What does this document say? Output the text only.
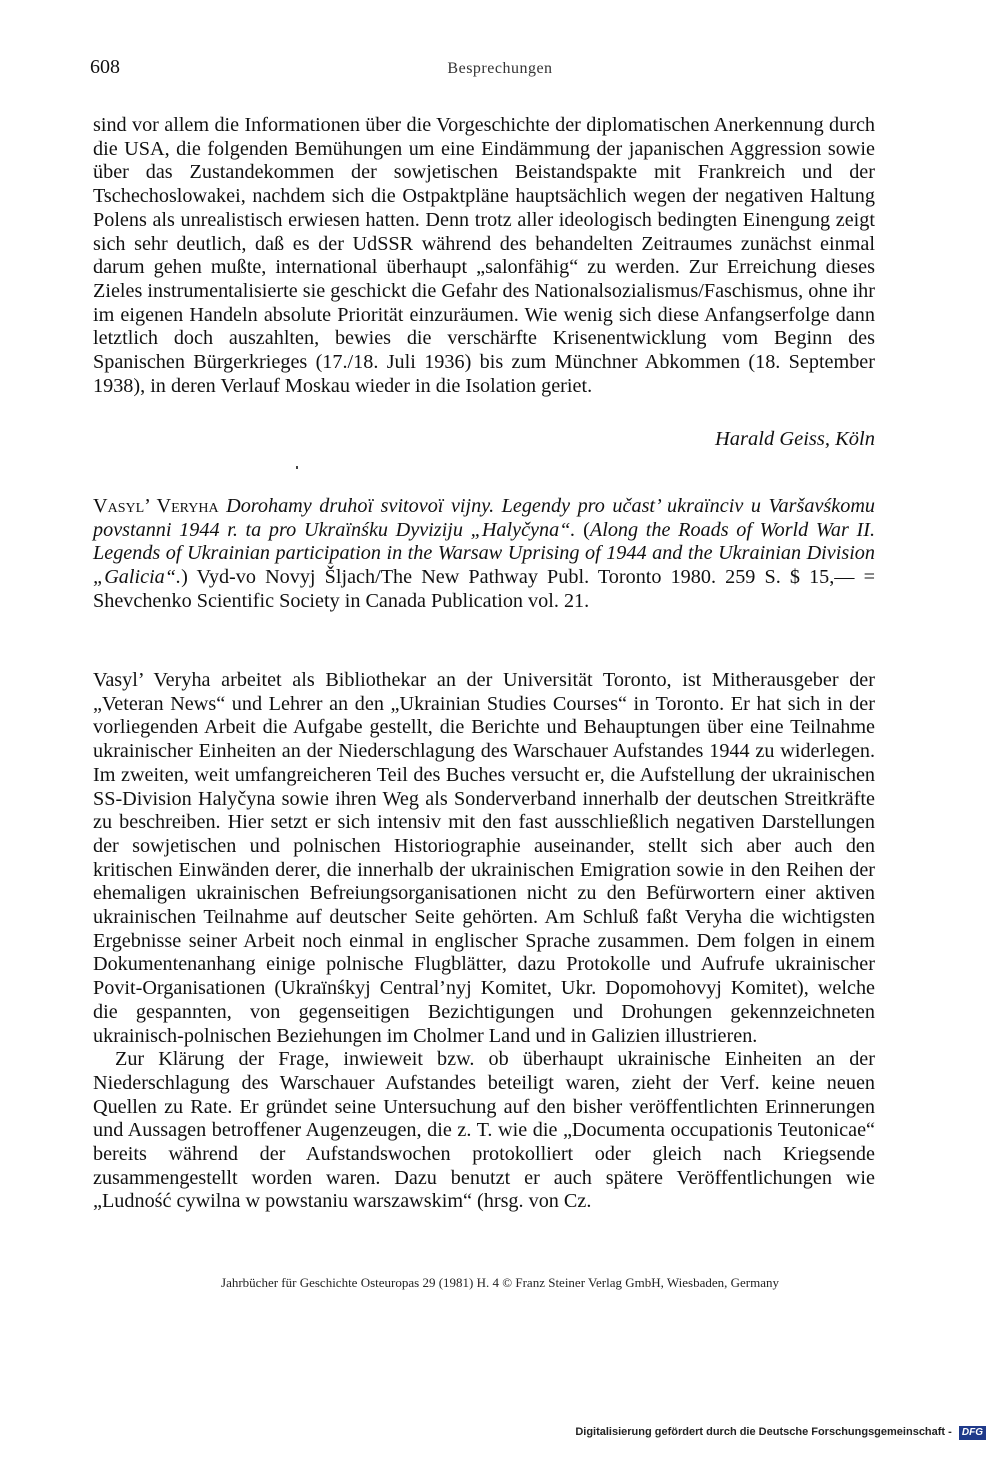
608	Besprechungen

sind vor allem die Informationen über die Vorgeschichte der diplomatischen Anerkennung durch die USA, die folgenden Bemühungen um eine Eindämmung der japanischen Aggression sowie über das Zustandekommen der sowjetischen Beistandspakte mit Frankreich und der Tschechoslowakei, nachdem sich die Ostpaktpläne hauptsächlich wegen der negativen Haltung Polens als unrealistisch erwiesen hatten. Denn trotz aller ideologisch bedingten Einengung zeigt sich sehr deutlich, daß es der UdSSR während des behandelten Zeitraumes zunächst einmal darum gehen mußte, international überhaupt „salonfähig“ zu werden. Zur Erreichung dieses Zieles instrumentalisierte sie geschickt die Gefahr des Nationalsozialismus/Faschismus, ohne ihr im eigenen Handeln absolute Priorität einzuräumen. Wie wenig sich diese Anfangserfolge dann letztlich doch auszahlten, bewies die verschärfte Krisenentwicklung vom Beginn des Spanischen Bürgerkrieges (17./18. Juli 1936) bis zum Münchner Abkommen (18. September 1938), in deren Verlauf Moskau wieder in die Isolation geriet.

Harald Geiss, Köln
Vasyl’ Veryha Dorohamy druhoï svitovoï vijny. Legendy pro učast’ ukraïnciv u Varšavśkomu povstanni 1944 r. ta pro Ukraïnśku Dyviziju „Halyčyna“. (Along the Roads of World War II. Legends of Ukrainian participation in the Warsaw Uprising of 1944 and the Ukrainian Division „Galicia“.) Vyd-vo Novyj Šljach/The New Pathway Publ. Toronto 1980. 259 S. $ 15,— = Shevchenko Scientific Society in Canada Publication vol. 21.

Vasyl’ Veryha arbeitet als Bibliothekar an der Universität Toronto, ist Mitherausgeber der „Veteran News“ und Lehrer an den „Ukrainian Studies Courses“ in Toronto. Er hat sich in der vorliegenden Arbeit die Aufgabe gestellt, die Berichte und Behauptungen über eine Teilnahme ukrainischer Einheiten an der Niederschlagung des Warschauer Aufstandes 1944 zu widerlegen. Im zweiten, weit umfangreicheren Teil des Buches versucht er, die Aufstellung der ukrainischen SS-Division Halyčyna sowie ihren Weg als Sonderverband innerhalb der deutschen Streitkräfte zu beschreiben. Hier setzt er sich intensiv mit den fast ausschließlich negativen Darstellungen der sowjetischen und polnischen Historiographie auseinander, stellt sich aber auch den kritischen Einwänden derer, die innerhalb der ukrainischen Emigration sowie in den Reihen der ehemaligen ukrainischen Befreiungsorganisationen nicht zu den Befürwortern einer aktiven ukrainischen Teilnahme auf deutscher Seite gehörten. Am Schluß faßt Veryha die wichtigsten Ergebnisse seiner Arbeit noch einmal in englischer Sprache zusammen. Dem folgen in einem Dokumentenanhang einige polnische Flugblätter, dazu Protokolle und Aufrufe ukrainischer Povit-Organisationen (Ukraïnśkyj Central’nyj Komitet, Ukr. Dopomohovyj Komitet), welche die gespannten, von gegenseitigen Bezichtigungen und Drohungen gekennzeichneten ukrainisch-polnischen Beziehungen im Cholmer Land und in Galizien illustrieren.

Zur Klärung der Frage, inwieweit bzw. ob überhaupt ukrainische Einheiten an der Niederschlagung des Warschauer Aufstandes beteiligt waren, zieht der Verf. keine neuen Quellen zu Rate. Er gründet seine Untersuchung auf den bisher veröffentlichten Erinnerungen und Aussagen betroffener Augenzeugen, die z. T. wie die „Documenta occupationis Teutonicae“ bereits während der Aufstandswochen protokolliert oder gleich nach Kriegsende zusammengestellt worden waren. Dazu benutzt er auch spätere Veröffentlichungen wie „Ludność cywilna w powstaniu warszawskim“ (hrsg. von Cz.

Jahrbücher für Geschichte Osteuropas 29 (1981) H. 4 © Franz Steiner Verlag GmbH, Wiesbaden, Germany
Digitalisierung gefördert durch die Deutsche Forschungsgemeinschaft - DFG
